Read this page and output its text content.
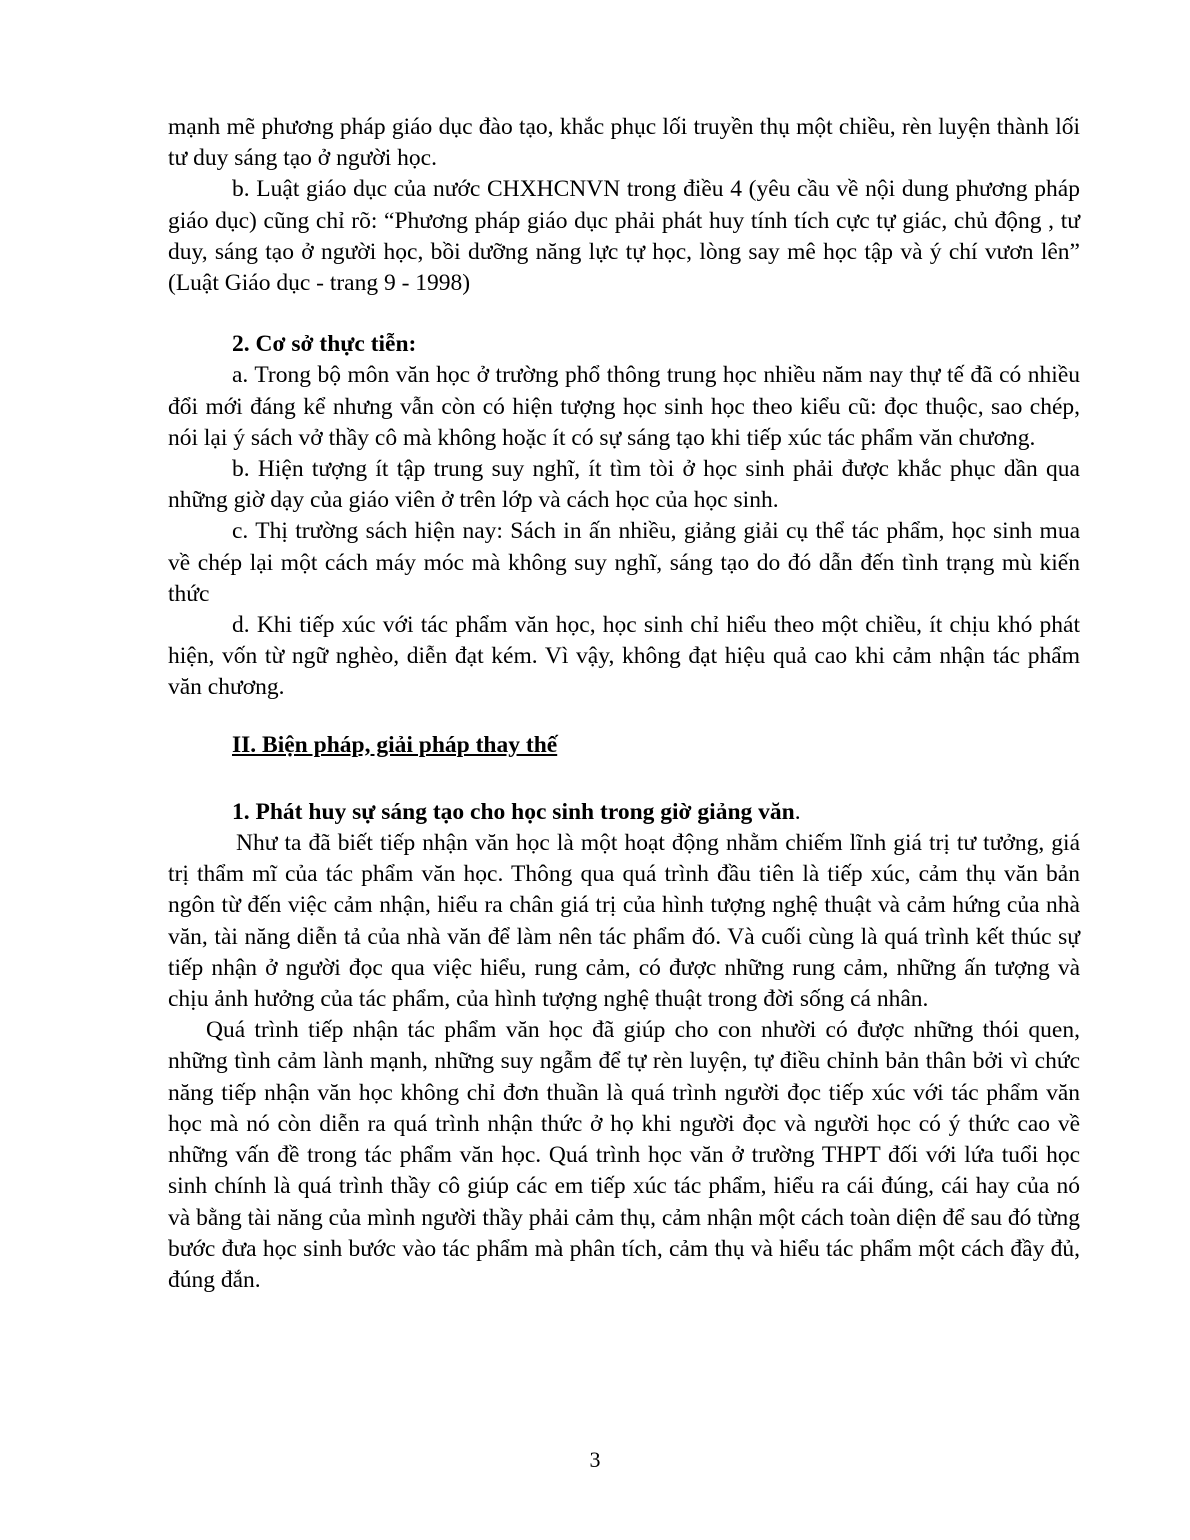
mạnh mẽ phương pháp giáo dục đào tạo, khắc phục lối truyền thụ một chiều, rèn luyện thành lối tư duy sáng tạo ở người học.

b. Luật giáo dục của nước CHXHCNVN trong điều 4 (yêu cầu về nội dung phương pháp giáo dục) cũng chỉ rõ: “Phương pháp giáo dục phải phát huy tính tích cực tự giác, chủ động , tư duy, sáng tạo ở người học, bồi dưỡng năng lực tự học, lòng say mê học tập và ý chí vươn lên” (Luật Giáo dục - trang 9 - 1998)

2. Cơ sở thực tiễn:

a. Trong bộ môn văn học ở trường phổ thông trung học nhiều năm nay thự tế đã có nhiều đổi mới đáng kể nhưng vẫn còn có hiện tượng học sinh học theo kiểu cũ: đọc thuộc, sao chép, nói lại ý sách vở thầy cô mà không hoặc ít có sự sáng tạo khi tiếp xúc tác phẩm văn chương.

b. Hiện tượng ít tập trung suy nghĩ, ít tìm tòi ở học sinh phải được khắc phục dần qua những giờ dạy của giáo viên ở trên lớp và cách học của học sinh.

c. Thị trường sách hiện nay: Sách in ấn nhiều, giảng giải cụ thể tác phẩm, học sinh mua về chép lại một cách máy móc mà không suy nghĩ, sáng tạo do đó dẫn đến tình trạng mù kiến thức

d. Khi tiếp xúc với tác phẩm văn học, học sinh chỉ hiểu theo một chiều, ít chịu khó phát hiện, vốn từ ngữ nghèo, diễn đạt kém. Vì vậy, không đạt hiệu quả cao khi cảm nhận tác phẩm văn chương.

II. Biện pháp, giải pháp thay thế
1. Phát huy sự sáng tạo cho học sinh trong giờ giảng văn.

Như ta đã biết tiếp nhận văn học là một hoạt động nhằm chiếm lĩnh giá trị tư tưởng, giá trị thẩm mĩ của tác phẩm văn học. Thông qua quá trình đầu tiên là tiếp xúc, cảm thụ văn bản ngôn từ đến việc cảm nhận, hiểu ra chân giá trị của hình tượng nghệ thuật và cảm hứng của nhà văn, tài năng diễn tả của nhà văn để làm nên tác phẩm đó. Và cuối cùng là quá trình kết thúc sự tiếp nhận ở người đọc qua việc hiểu, rung cảm, có được những rung cảm, những ấn tượng và chịu ảnh hưởng của tác phẩm, của hình tượng nghệ thuật trong đời sống cá nhân.

Quá trình tiếp nhận tác phẩm văn học đã giúp cho con nhười có được những thói quen, những tình cảm lành mạnh, những suy ngẫm để tự rèn luyện, tự điều chỉnh bản thân bởi vì chức năng tiếp nhận văn học không chỉ đơn thuần là quá trình người đọc tiếp xúc với tác phẩm văn học mà nó còn diễn ra quá trình nhận thức ở họ khi người đọc và người học có ý thức cao về những vấn đề trong tác phẩm văn học. Quá trình học văn ở trường THPT đối với lứa tuổi học sinh chính là quá trình thầy cô giúp các em tiếp xúc tác phẩm, hiểu ra cái đúng, cái hay của nó và bằng tài năng của mình người thầy phải cảm thụ, cảm nhận một cách toàn diện để sau đó từng bước đưa học sinh bước vào tác phẩm mà phân tích, cảm thụ và hiểu tác phẩm một cách đầy đủ, đúng đắn.

3
